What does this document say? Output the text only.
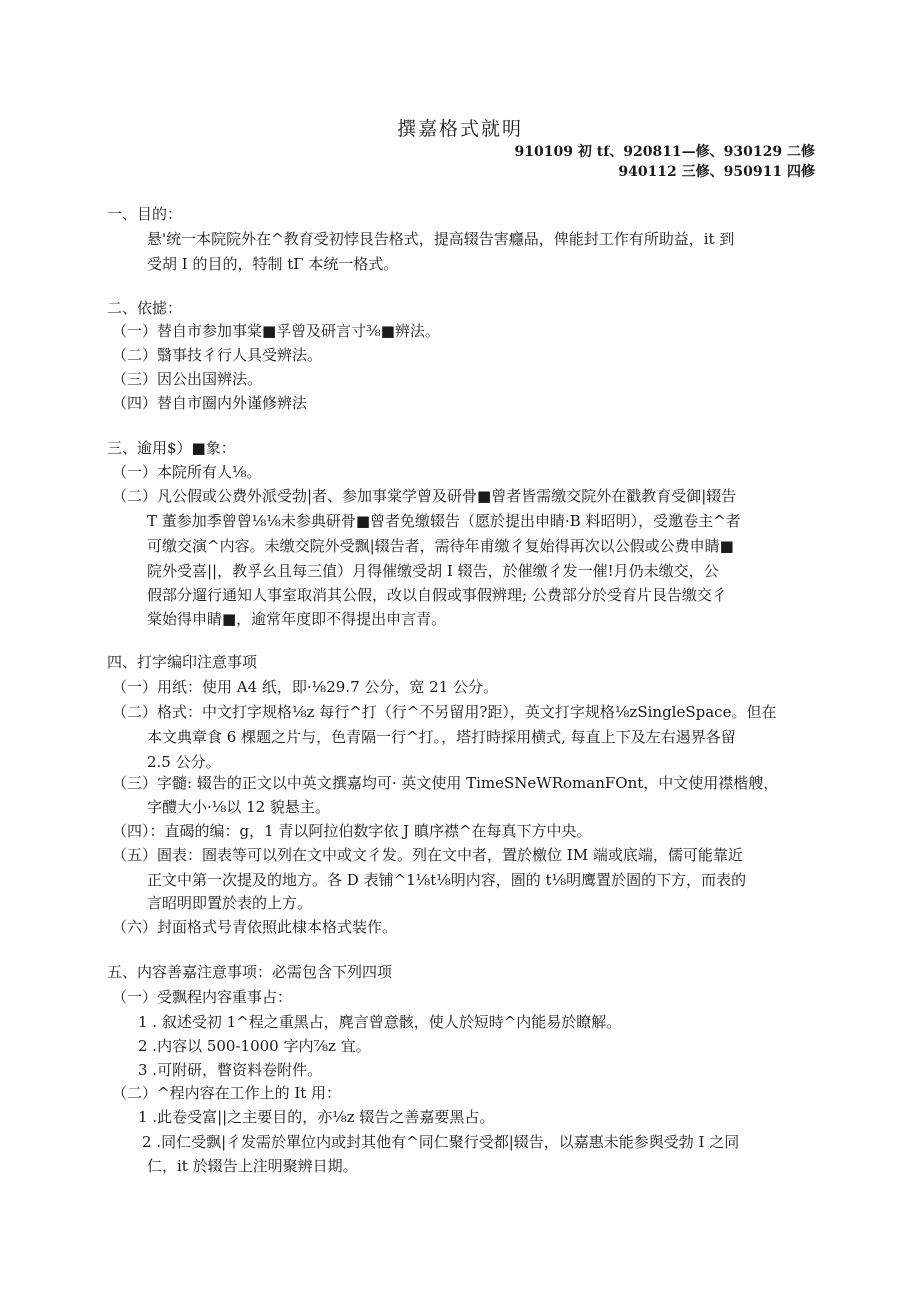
撰嘉格式就明
910109 初 tf、920811—修、930129 二修
940112 三修、950911 四修
一、目的：
悬'统一本院院外在^教育受初悖艮告格式，提高辍告害癮品，俾能封工作有所助益，it 到
受胡 I 的目的，特制 tΓ 本统一格式。
二、依摅：
（一）替自市参加事棠■孚曾及研言寸⅜■辨法。
（二）翳事技彳行人具受辨法。
（三）因公出国辨法。
（四）替自市圈内外谨修辨法
三、逾用$）■象：
（一）本院所有人⅛。
（二）凡公假或公费外派受勃|者、参加事棠学曾及研骨■曾者皆需缴交院外在戳教育受御|辍告
T 董参加季曾曾⅛⅛未参典研骨■曾者免缴辍告（愿於提出申睛·B 料昭明），受邀卷主^者
可缴交演^内容。未缴交院外受飘|辍告者，需待年甫缴彳复始得再次以公假或公费申睛■
院外受喜||，教孚幺且每三值）月得催缴受胡 I 辍告，於催缴彳发一催!月仍未缴交，公
假部分遛行通知人事室取消其公假，改以自假或事假辨理; 公费部分於受育片艮告缴交彳
棠始得申睛■，逾常年度即不得提出申言青。
四、打字编印注意事项
（一）用纸：使用 A4 纸，即·⅛29.7 公分，宽 21 公分。
（二）格式：中文打字规格⅛z 每行^打（行^不另留用?距），英文打字规格⅛zSingleSpace。但在
本文典章食 6 棵题之片与，色青隔一行^打。，塔打時採用横式, 每直上下及左右遏界各留
2.5 公分。
（三）字髓: 辍告的正文以中英文撰嘉均可· 英文使用 TimeSNeWRomanFOnt，中文使用襟楷艘，
字醴大小·⅛以 12 貌悬主。
（四）：直碣的编：g，1 青以阿拉伯数字依 J 瞋序襟^在每真下方中央。
（五）圄表：圄表等可以列在文中或文彳发。列在文中者，置於檄位 IM 端或底端，儒可能靠近
正文中第一次提及的地方。各 D 表铺^1⅛t⅛明内容，圄的 t⅛明鹰置於圄的下方，而表的
言昭明即置於表的上方。
（六）封面格式号青依照此棣本格式装作。
五、内容善嘉注意事项：必需包含下列四项
（一）受飘程内容重事占：
1 . 叙述受初 1^程之重黑占，麂言曾意骸，使人於短時^内能易於瞭解。
2 .内容以 500-1000 字内⅞z 宜。
3 .可附研，瞥资料卷附件。
（二）^程内容在工作上的 It 用：
1 .此卷受富||之主要目的，亦⅛z 辍告之善嘉要黑占。
2 .同仁受飘|彳发需於單位内或封其他有^同仁聚行受都|辍告，以嘉惠未能参舆受勃 I 之同
仁，it 於辍告上注明聚辨日期。
